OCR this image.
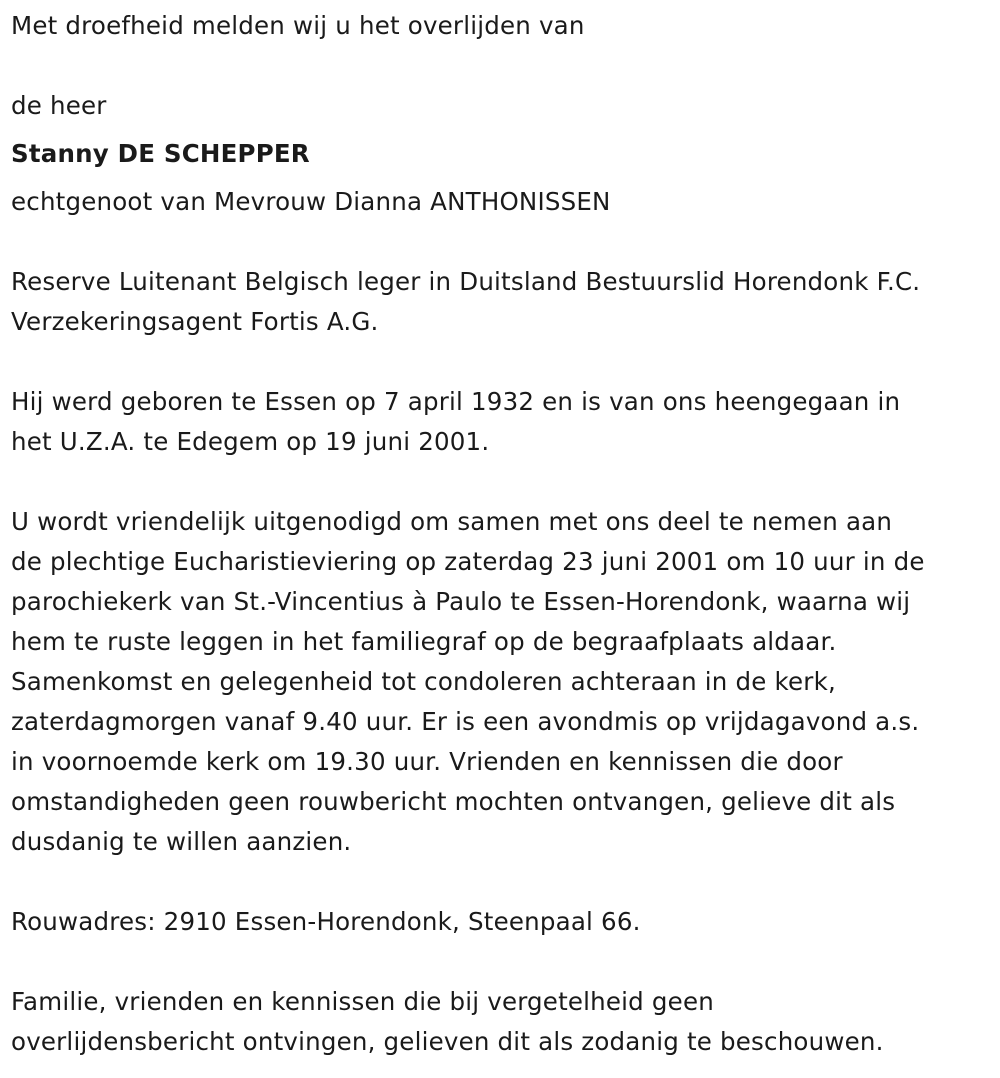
Met droefheid melden wij u het overlijden van
de heer
Stanny DE SCHEPPER
echtgenoot van Mevrouw Dianna ANTHONISSEN
Reserve Luitenant Belgisch leger in Duitsland Bestuurslid Horendonk F.C.
Verzekeringsagent Fortis A.G.
Hij werd geboren te Essen op 7 april 1932 en is van ons heengegaan in
het U.Z.A. te Edegem op 19 juni 2001.
U wordt vriendelijk uitgenodigd om samen met ons deel te nemen aan
de plechtige Eucharistieviering op zaterdag 23 juni 2001 om 10 uur in de
parochiekerk van St.-Vincentius à Paulo te Essen-Horendonk, waarna wij
hem te ruste leggen in het familiegraf op de begraafplaats aldaar.
Samenkomst en gelegenheid tot condoleren achteraan in de kerk,
zaterdagmorgen vanaf 9.40 uur. Er is een avondmis op vrijdagavond a.s.
in voornoemde kerk om 19.30 uur. Vrienden en kennissen die door
omstandigheden geen rouwbericht mochten ontvangen, gelieve dit als
dusdanig te willen aanzien.
Rouwadres: 2910 Essen-Horendonk, Steenpaal 66.
Familie, vrienden en kennissen die bij vergetelheid geen
overlijdensbericht ontvingen, gelieven dit als zodanig te beschouwen.
